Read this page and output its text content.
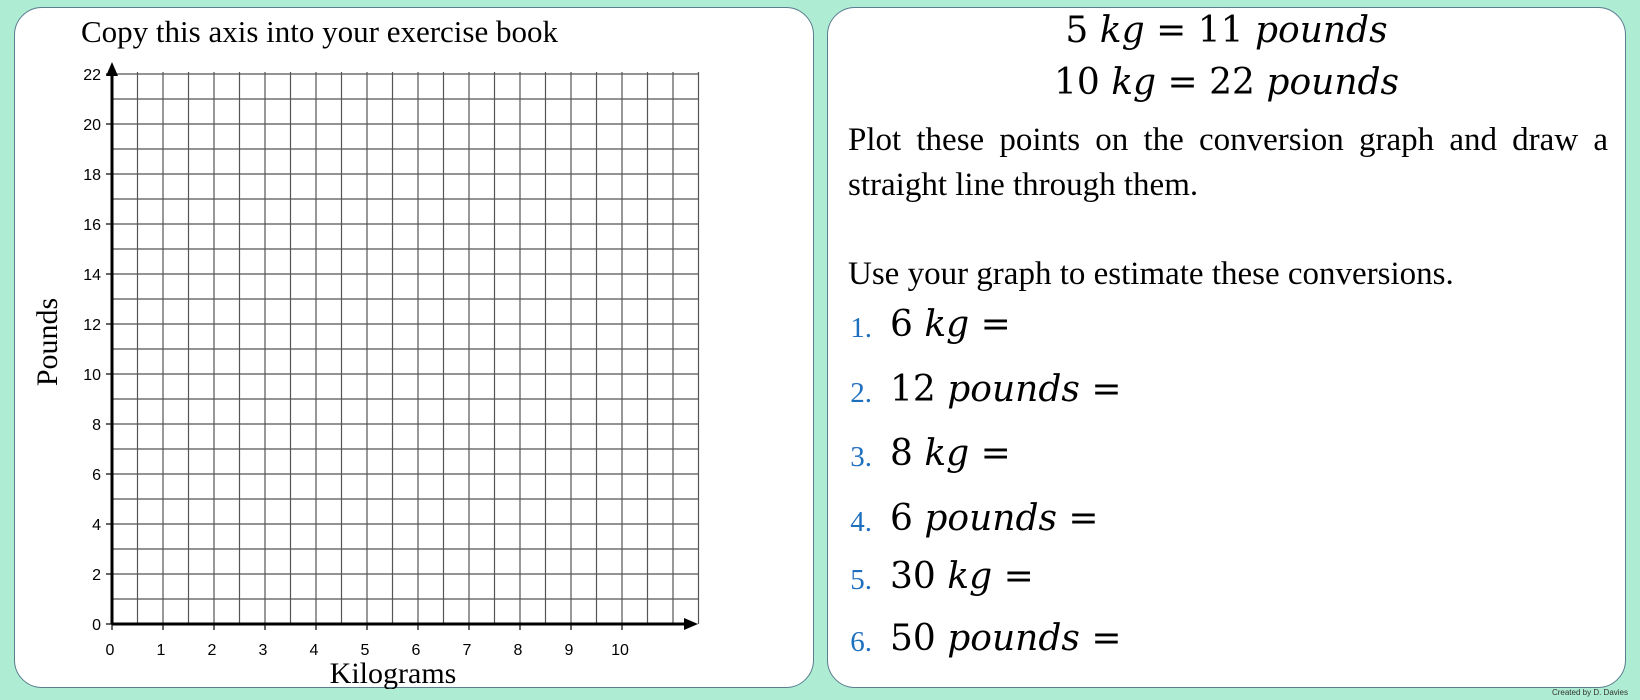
Copy this axis into your exercise book
0
2
4
6
8
10
12
14
16
18
20
22
0	1	2	3	4	5	6	7	8	9 10
Kilograms
Pounds
5 kg = 11 pounds
10 kg = 22 pounds
Plot these points on the conversion graph and draw a straight line through them.
Use your graph to estimate these conversions.
1. 6 kg =
2. 12 pounds =
3. 8 kg =
4. 6 pounds =
5. 30 kg =
6. 50 pounds =
Created by D. Davies
